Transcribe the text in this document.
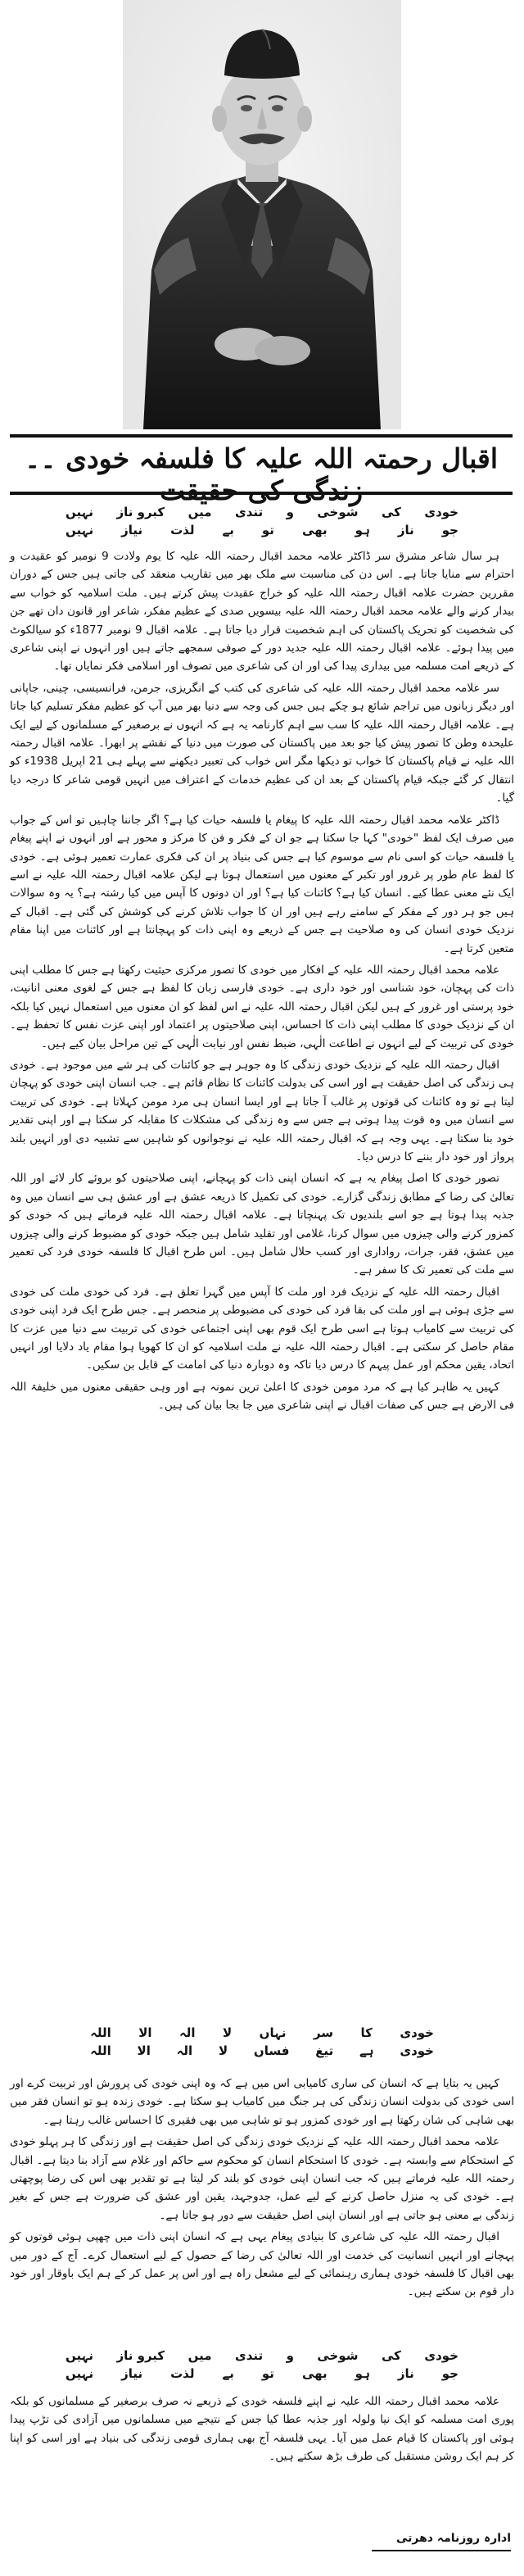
اقبال رحمتہ اللہ علیہ کا فلسفہ خودی ۔۔ زندگی کی حقیقت
خودی
کی
شوخی
و
تندی
میں
کبرو ناز
نہیں
جو
ناز
ہو
بھی
تو
بے
لذت
نیاز
نہیں

ہر سال شاعر مشرق سر ڈاکٹر علامہ محمد اقبال رحمتہ اللہ علیہ کا یوم ولادت 9 نومبر کو عقیدت و احترام سے منایا جاتا ہے۔ اس دن کی مناسبت سے ملک بھر میں تقاریب منعقد کی جاتی ہیں جس کے دوران مقررین حضرت علامہ اقبال رحمتہ اللہ علیہ کو خراج عقیدت پیش کرتے ہیں۔ ملت اسلامیہ کو خواب سے بیدار کرنے والے علامہ محمد اقبال رحمتہ اللہ علیہ بیسویں صدی کے عظیم مفکر، شاعر اور قانون دان تھے جن کی شخصیت کو تحریک پاکستان کی اہم شخصیت قرار دیا جاتا ہے۔ علامہ اقبال 9 نومبر 1877ء کو سیالکوٹ میں پیدا ہوئے۔ علامہ اقبال رحمتہ اللہ علیہ جدید دور کے صوفی سمجھے جاتے ہیں اور انہوں نے اپنی شاعری کے ذریعے امت مسلمہ میں بیداری پیدا کی اور ان کی شاعری میں تصوف اور اسلامی فکر نمایاں تھا۔

سر علامہ محمد اقبال رحمتہ اللہ علیہ کی شاعری کی کتب کے انگریزی، جرمن، فرانسیسی، چینی، جاپانی اور دیگر زبانوں میں تراجم شائع ہو چکے ہیں جس کی وجہ سے دنیا بھر میں آپ کو عظیم مفکر تسلیم کیا جاتا ہے۔ علامہ اقبال رحمتہ اللہ علیہ کا سب سے اہم کارنامہ یہ ہے کہ انہوں نے برصغیر کے مسلمانوں کے لیے ایک علیحدہ وطن کا تصور پیش کیا جو بعد میں پاکستان کی صورت میں دنیا کے نقشے پر ابھرا۔ علامہ اقبال رحمتہ اللہ علیہ نے قیام پاکستان کا خواب تو دیکھا مگر اس خواب کی تعبیر دیکھنے سے پہلے ہی 21 اپریل 1938ء کو انتقال کر گئے جبکہ قیام پاکستان کے بعد ان کی عظیم خدمات کے اعتراف میں انہیں قومی شاعر کا درجہ دیا گیا۔

ڈاکٹر علامہ محمد اقبال رحمتہ اللہ علیہ کا پیغام یا فلسفہ حیات کیا ہے؟ اگر جاننا چاہیں تو اس کے جواب میں صرف ایک لفظ "خودی" کہا جا سکتا ہے جو ان کے فکر و فن کا مرکز و محور ہے اور انہوں نے اپنے پیغام یا فلسفہ حیات کو اسی نام سے موسوم کیا ہے جس کی بنیاد پر ان کی فکری عمارت تعمیر ہوئی ہے۔ خودی کا لفظ عام طور پر غرور اور تکبر کے معنوں میں استعمال ہوتا ہے لیکن علامہ اقبال رحمتہ اللہ علیہ نے اسے ایک نئے معنی عطا کیے۔ انسان کیا ہے؟ کائنات کیا ہے؟ اور ان دونوں کا آپس میں کیا رشتہ ہے؟ یہ وہ سوالات ہیں جو ہر دور کے مفکر کے سامنے رہے ہیں اور ان کا جواب تلاش کرنے کی کوشش کی گئی ہے۔ اقبال کے نزدیک خودی انسان کی وہ صلاحیت ہے جس کے ذریعے وہ اپنی ذات کو پہچانتا ہے اور کائنات میں اپنا مقام متعین کرتا ہے۔

علامہ محمد اقبال رحمتہ اللہ علیہ کے افکار میں خودی کا تصور مرکزی حیثیت رکھتا ہے جس کا مطلب اپنی ذات کی پہچان، خود شناسی اور خود داری ہے۔ خودی فارسی زبان کا لفظ ہے جس کے لغوی معنی انانیت، خود پرستی اور غرور کے ہیں لیکن اقبال رحمتہ اللہ علیہ نے اس لفظ کو ان معنوں میں استعمال نہیں کیا بلکہ ان کے نزدیک خودی کا مطلب اپنی ذات کا احساس، اپنی صلاحیتوں پر اعتماد اور اپنی عزت نفس کا تحفظ ہے۔ خودی کی تربیت کے لیے انہوں نے اطاعت الٰہی، ضبط نفس اور نیابت الٰہی کے تین مراحل بیان کیے ہیں۔

اقبال رحمتہ اللہ علیہ کے نزدیک خودی زندگی کا وہ جوہر ہے جو کائنات کی ہر شے میں موجود ہے۔ خودی ہی زندگی کی اصل حقیقت ہے اور اسی کی بدولت کائنات کا نظام قائم ہے۔ جب انسان اپنی خودی کو پہچان لیتا ہے تو وہ کائنات کی قوتوں پر غالب آ جاتا ہے اور ایسا انسان ہی مرد مومن کہلاتا ہے۔ خودی کی تربیت سے انسان میں وہ قوت پیدا ہوتی ہے جس سے وہ زندگی کی مشکلات کا مقابلہ کر سکتا ہے اور اپنی تقدیر خود بنا سکتا ہے۔ یہی وجہ ہے کہ اقبال رحمتہ اللہ علیہ نے نوجوانوں کو شاہین سے تشبیہ دی اور انہیں بلند پرواز اور خود دار بننے کا درس دیا۔

تصور خودی کا اصل پیغام یہ ہے کہ انسان اپنی ذات کو پہچانے، اپنی صلاحیتوں کو بروئے کار لائے اور اللہ تعالیٰ کی رضا کے مطابق زندگی گزارے۔ خودی کی تکمیل کا ذریعہ عشق ہے اور عشق ہی سے انسان میں وہ جذبہ پیدا ہوتا ہے جو اسے بلندیوں تک پہنچاتا ہے۔ علامہ اقبال رحمتہ اللہ علیہ فرماتے ہیں کہ خودی کو کمزور کرنے والی چیزوں میں سوال کرنا، غلامی اور تقلید شامل ہیں جبکہ خودی کو مضبوط کرنے والی چیزوں میں عشق، فقر، جرات، رواداری اور کسب حلال شامل ہیں۔ اس طرح اقبال کا فلسفہ خودی فرد کی تعمیر سے ملت کی تعمیر تک کا سفر ہے۔

اقبال رحمتہ اللہ علیہ کے نزدیک فرد اور ملت کا آپس میں گہرا تعلق ہے۔ فرد کی خودی ملت کی خودی سے جڑی ہوئی ہے اور ملت کی بقا فرد کی خودی کی مضبوطی پر منحصر ہے۔ جس طرح ایک فرد اپنی خودی کی تربیت سے کامیاب ہوتا ہے اسی طرح ایک قوم بھی اپنی اجتماعی خودی کی تربیت سے دنیا میں عزت کا مقام حاصل کر سکتی ہے۔ اقبال رحمتہ اللہ علیہ نے ملت اسلامیہ کو ان کا کھویا ہوا مقام یاد دلایا اور انہیں اتحاد، یقین محکم اور عمل پیہم کا درس دیا تاکہ وہ دوبارہ دنیا کی امامت کے قابل بن سکیں۔

کہیں یہ ظاہر کیا ہے کہ مرد مومن خودی کا اعلیٰ ترین نمونہ ہے اور وہی حقیقی معنوں میں خلیفۃ اللہ فی الارض ہے جس کی صفات اقبال نے اپنی شاعری میں جا بجا بیان کی ہیں۔

خودی
کا
سر
نہاں
لا
الہ
الا
اللہ
خودی
ہے
تیغ
فساں
لا
الہ
الا
اللہ

کہیں یہ بتایا ہے کہ انسان کی ساری کامیابی اس میں ہے کہ وہ اپنی خودی کی پرورش اور تربیت کرے اور اسی خودی کی بدولت انسان زندگی کی ہر جنگ میں کامیاب ہو سکتا ہے۔ خودی زندہ ہو تو انسان فقر میں بھی شاہی کی شان رکھتا ہے اور خودی کمزور ہو تو شاہی میں بھی فقیری کا احساس غالب رہتا ہے۔

علامہ محمد اقبال رحمتہ اللہ علیہ کے نزدیک خودی زندگی کی اصل حقیقت ہے اور زندگی کا ہر پہلو خودی کے استحکام سے وابستہ ہے۔ خودی کا استحکام انسان کو محکوم سے حاکم اور غلام سے آزاد بنا دیتا ہے۔ اقبال رحمتہ اللہ علیہ فرماتے ہیں کہ جب انسان اپنی خودی کو بلند کر لیتا ہے تو تقدیر بھی اس کی رضا پوچھتی ہے۔ خودی کی یہ منزل حاصل کرنے کے لیے عمل، جدوجہد، یقین اور عشق کی ضرورت ہے جس کے بغیر زندگی بے معنی ہو جاتی ہے اور انسان اپنی اصل حقیقت سے دور ہو جاتا ہے۔

اقبال رحمتہ اللہ علیہ کی شاعری کا بنیادی پیغام یہی ہے کہ انسان اپنی ذات میں چھپی ہوئی قوتوں کو پہچانے اور انہیں انسانیت کی خدمت اور اللہ تعالیٰ کی رضا کے حصول کے لیے استعمال کرے۔ آج کے دور میں بھی اقبال کا فلسفہ خودی ہماری رہنمائی کے لیے مشعل راہ ہے اور اس پر عمل کر کے ہم ایک باوقار اور خود دار قوم بن سکتے ہیں۔

خودی
کی
شوخی
و
تندی
میں
کبرو ناز
نہیں
جو
ناز
ہو
بھی
تو
بے
لذت
نیاز
نہیں

علامہ محمد اقبال رحمتہ اللہ علیہ نے اپنے فلسفہ خودی کے ذریعے نہ صرف برصغیر کے مسلمانوں کو بلکہ پوری امت مسلمہ کو ایک نیا ولولہ اور جذبہ عطا کیا جس کے نتیجے میں مسلمانوں میں آزادی کی تڑپ پیدا ہوئی اور پاکستان کا قیام عمل میں آیا۔ یہی فلسفہ آج بھی ہماری قومی زندگی کی بنیاد ہے اور اسی کو اپنا کر ہم ایک روشن مستقبل کی طرف بڑھ سکتے ہیں۔

ادارہ روزنامہ دھرتی
